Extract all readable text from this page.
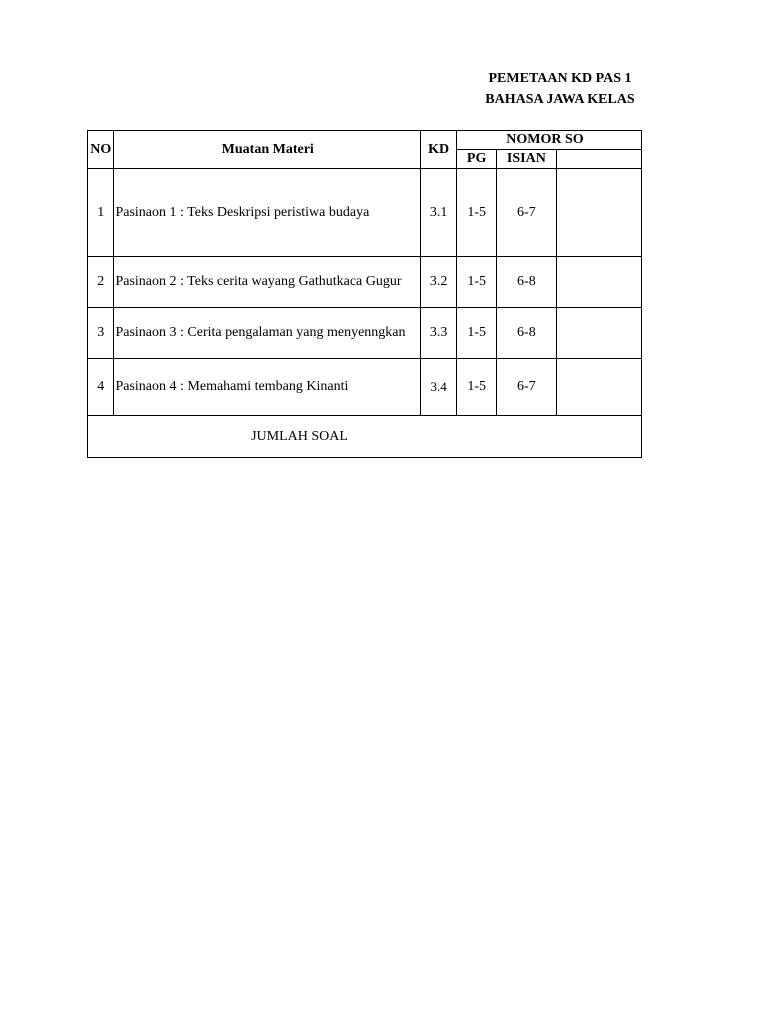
PEMETAAN KD PAS 1
BAHASA JAWA KELAS
NO	Muatan Materi	KD	NOMOR SO		
			PG	ISIAN	
1	Pasinaon 1 : Teks Deskripsi peristiwa budaya	3.1	1-5	6-7	
2	Pasinaon 2 : Teks cerita wayang Gathutkaca Gugur	3.2	1-5	6-8	
3	Pasinaon 3 : Cerita pengalaman yang menyenngkan	3.3	1-5	6-8	
4	Pasinaon 4 : Memahami tembang Kinanti	3.4	1-5	6-7	
JUMLAH SOAL					
